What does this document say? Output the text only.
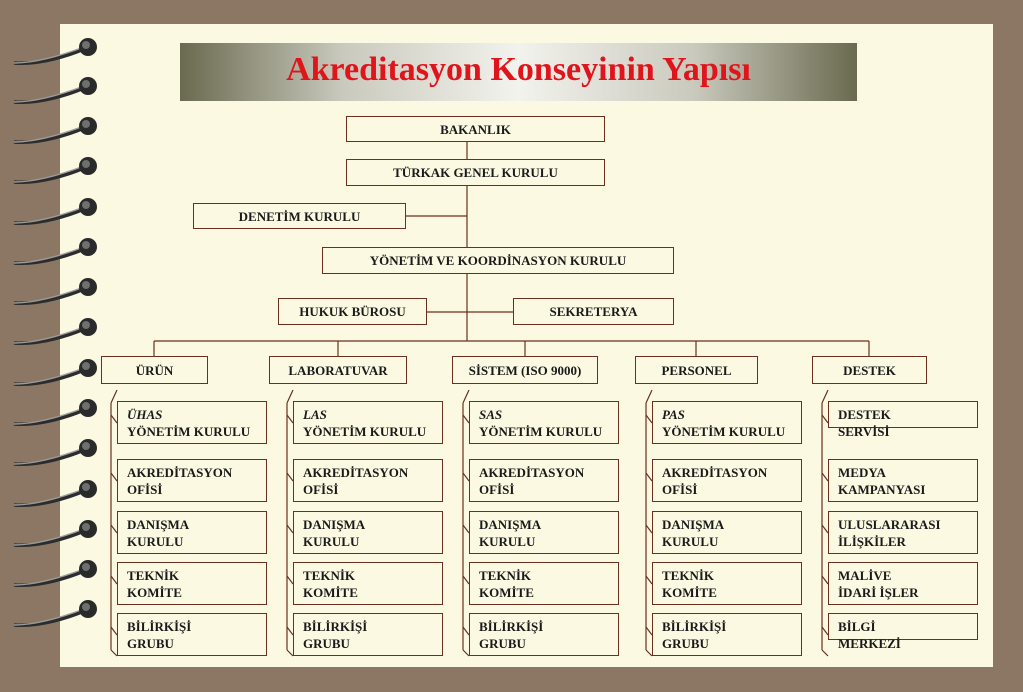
Akreditasyon Konseyinin Yapısı
BAKANLIK
TÜRKAK GENEL KURULU
DENETİM KURULU
YÖNETİM VE KOORDİNASYON KURULU
HUKUK BÜROSU	SEKRETERYA
ÜRÜN
ÜHAS
YÖNETİM KURULU
AKREDİTASYON
OFİSİ
DANIŞMA
KURULU
TEKNİK
KOMİTE
BİLİRKİŞİ
GRUBU
LABORATUVAR
LAS
YÖNETİM KURULU
AKREDİTASYON
OFİSİ
DANIŞMA
KURULU
TEKNİK
KOMİTE
BİLİRKİŞİ
GRUBU
SİSTEM (ISO 9000)
SAS
YÖNETİM KURULU
AKREDİTASYON
OFİSİ
DANIŞMA
KURULU
TEKNİK
KOMİTE
BİLİRKİŞİ
GRUBU
PERSONEL
PAS
YÖNETİM KURULU
AKREDİTASYON
OFİSİ
DANIŞMA
KURULU
TEKNİK
KOMİTE
BİLİRKİŞİ
GRUBU
DESTEK
DESTEK
SERVİSİ
MEDYA
KAMPANYASI
ULUSLARARASI
İLİŞKİLER
MALİVE
İDARİ İŞLER
BİLGİ
MERKEZİ
